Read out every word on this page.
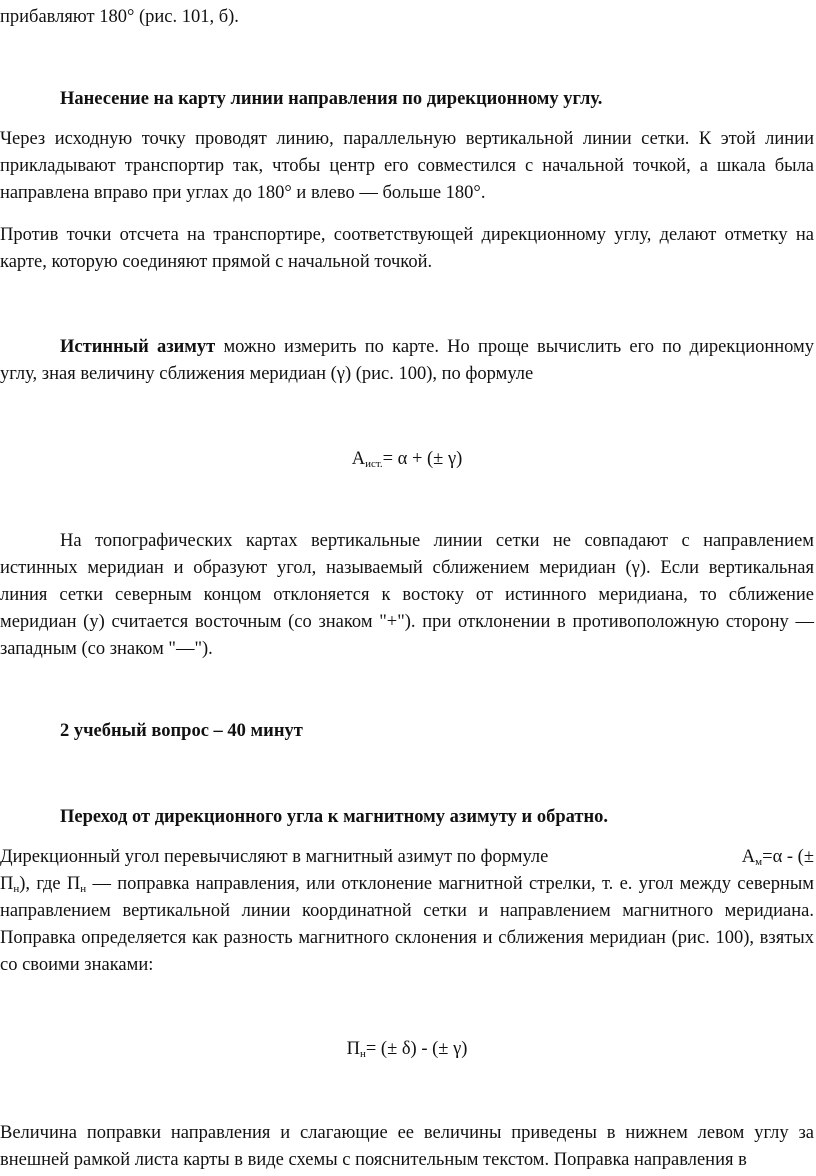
прибавляют 180° (рис. 101, б).

Нанесение на карту линии направления по дирекционному углу.

Через исходную точку проводят линию, параллельную вертикальной линии сетки. К этой линии прикладывают транспортир так, чтобы центр его совместился с начальной точкой, а шкала была направлена вправо при углах до 180° и влево — больше 180°.

Против точки отсчета на транспортире, соответствующей дирекционному углу, делают отметку на карте, которую соединяют прямой с начальной точкой.

Истинный азимут можно измерить по карте. Но проще вычислить его по дирекционному углу, зная величину сближения меридиан (γ) (рис. 100), по формуле

$А_{ист.}= \alpha$ + (± γ)

На топографических картах вертикальные линии сетки не совпадают с направлением истинных меридиан и образуют угол, называемый сближением меридиан (γ). Если вертикальная линия сетки северным концом отклоняется к востоку от истинного меридиана, то сближение меридиан (у) считается восточным (со знаком "+"). при отклонении в противоположную сторону — западным (со знаком "—").

2 учебный вопрос – 40 минут

Переход от дирекционного угла к магнитному азимуту и обратно.

Дирекционный угол перевычисляют в магнитный азимут по формуле	$А_м=\alpha$ - (±
$П_н$), где $П_н$ — поправка направления, или отклонение магнитной стрелки, т. е. угол между северным направлением вертикальной линии координатной сетки и направлением магнитного меридиана. Поправка определяется как разность магнитного склонения и сближения меридиан (рис. 100), взятых со своими знаками:

$П_н=$ (± δ) - (± γ)

Величина поправки направления и слагающие ее величины приведены в нижнем левом углу за внешней рамкой листа карты в виде схемы с пояснительным текстом. Поправка направления в
